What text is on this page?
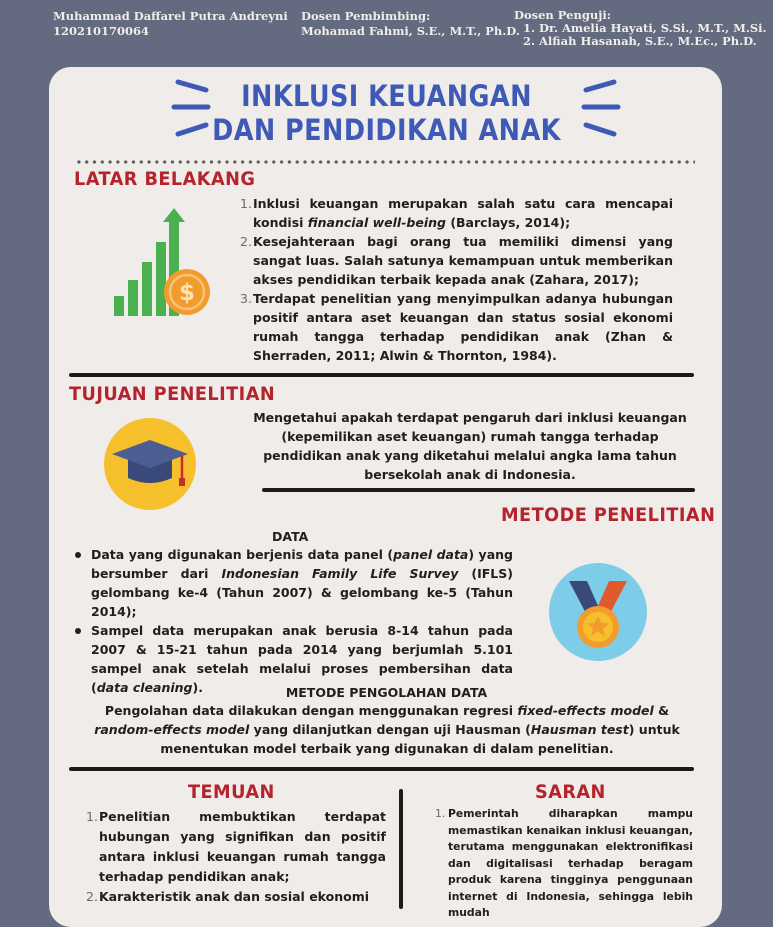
Muhammad Daffarel Putra Andreyni
120210170064
Dosen Pembimbing:
Mohamad Fahmi, S.E., M.T., Ph.D.
Dosen Penguji:
1. Dr. Amelia Hayati, S.Si., M.T., M.Si.
2. Alfiah Hasanah, S.E., M.Ec., Ph.D.
INKLUSI KEUANGAN
DAN PENDIDIKAN ANAK
LATAR BELAKANG
$
1. Inklusi keuangan merupakan salah satu cara mencapai kondisi financial well-being (Barclays, 2014);
2. Kesejahteraan bagi orang tua memiliki dimensi yang sangat luas. Salah satunya kemampuan untuk memberikan akses pendidikan terbaik kepada anak (Zahara, 2017);
3. Terdapat penelitian yang menyimpulkan adanya hubungan positif antara aset keuangan dan status sosial ekonomi rumah tangga terhadap pendidikan anak (Zhan & Sherraden, 2011; Alwin & Thornton, 1984).
TUJUAN PENELITIAN
Mengetahui apakah terdapat pengaruh dari inklusi keuangan (kepemilikan aset keuangan) rumah tangga terhadap pendidikan anak yang diketahui melalui angka lama tahun bersekolah anak di Indonesia.
METODE PENELITIAN
DATA
Data yang digunakan berjenis data panel (panel data) yang bersumber dari Indonesian Family Life Survey (IFLS) gelombang ke-4 (Tahun 2007) & gelombang ke-5 (Tahun 2014);
Sampel data merupakan anak berusia 8-14 tahun pada 2007 & 15-21 tahun pada 2014 yang berjumlah 5.101 sampel anak setelah melalui proses pembersihan data (data cleaning).	METODE PENGOLAHAN DATA
Pengolahan data dilakukan dengan menggunakan regresi fixed-effects model & random-effects model yang dilanjutkan dengan uji Hausman (Hausman test) untuk menentukan model terbaik yang digunakan di dalam penelitian.
TEMUAN
1. Penelitian membuktikan terdapat hubungan yang signifikan dan positif antara inklusi keuangan rumah tangga terhadap pendidikan anak;
2. Karakteristik anak dan sosial ekonomi
SARAN
1. Pemerintah diharapkan mampu memastikan kenaikan inklusi keuangan, terutama menggunakan elektronifikasi dan digitalisasi terhadap beragam produk karena tingginya penggunaan internet di Indonesia, sehingga lebih mudah
